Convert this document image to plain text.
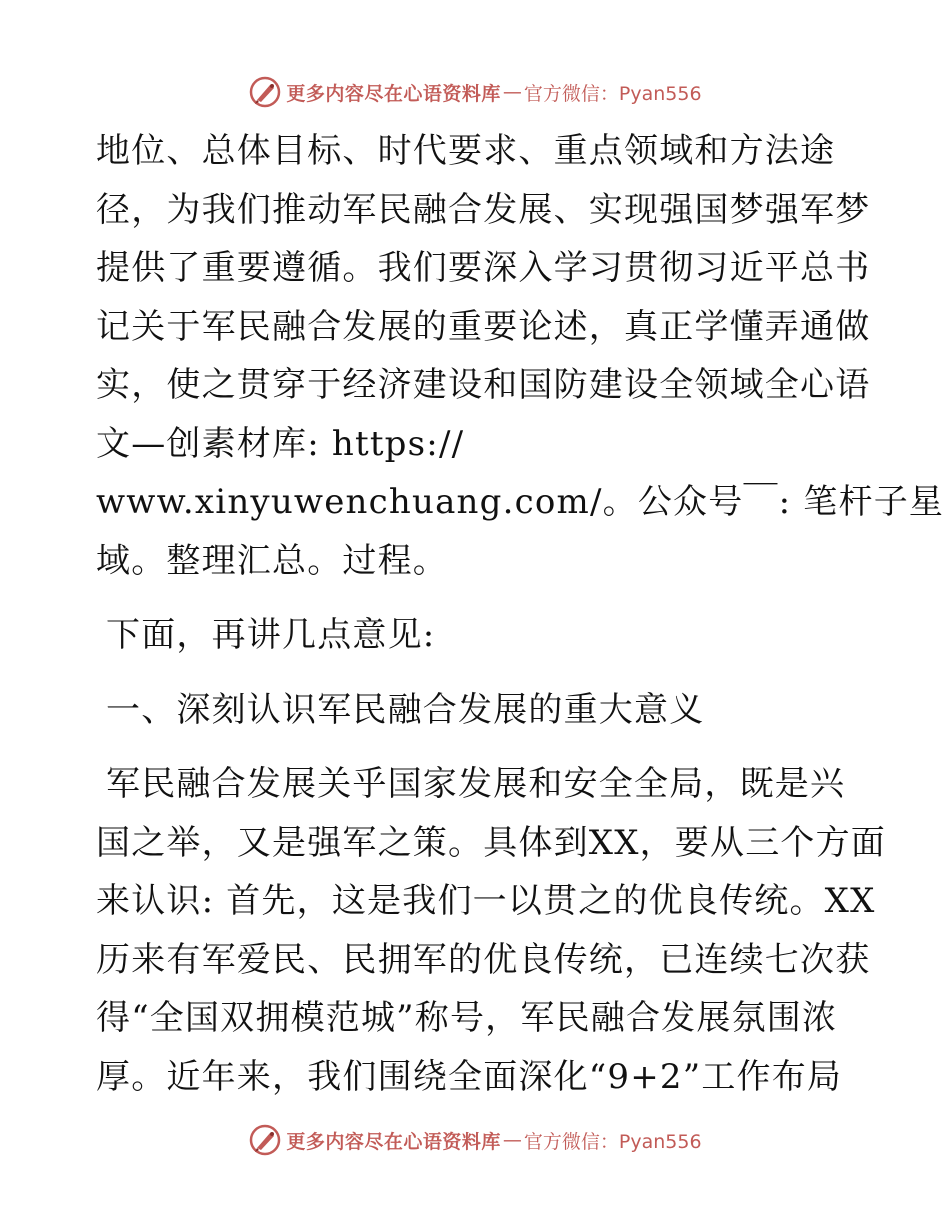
更多内容尽在心语资料库 — 官方微信：Pyan556
地位、总体目标、时代要求、重点领域和方法途
径，为我们推动军民融合发展、实现强国梦强军梦
提供了重要遵循。我们要深入学习贯彻习近平总书
记关于军民融合发展的重要论述，真正学懂弄通做
实，使之贯穿于经济建设和国防建设全领域全心语
文—创素材库: https://
www.xinyuwenchuang.com/。公众号￣: 笔杆子星
域。整理汇总。过程。
下面，再讲几点意见:
一、深刻认识军民融合发展的重大意义
军民融合发展关乎国家发展和安全全局，既是兴
国之举，又是强军之策。具体到XX，要从三个方面
来认识: 首先，这是我们一以贯之的优良传统。XX
历来有军爱民、民拥军的优良传统，已连续七次获
得“全国双拥模范城”称号，军民融合发展氛围浓
厚。近年来，我们围绕全面深化“9+2”工作布局
更多内容尽在心语资料库 — 官方微信：Pyan556
